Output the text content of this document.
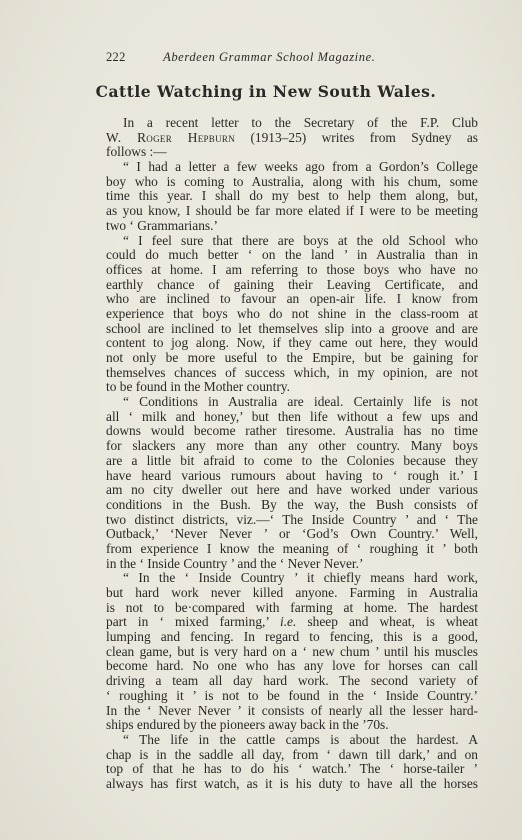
222	Aberdeen Grammar School Magazine.
Cattle Watching in New South Wales.
In a recent letter to the Secretary of the F.P. Club
W. Roger Hepburn (1913–25) writes from Sydney as
follows :—
“ I had a letter a few weeks ago from a Gordon’s College
boy who is coming to Australia, along with his chum, some
time this year. I shall do my best to help them along, but,
as you know, I should be far more elated if I were to be meeting
two ‘ Grammarians.’
“ I feel sure that there are boys at the old School who
could do much better ‘ on the land ’ in Australia than in
offices at home. I am referring to those boys who have no
earthly chance of gaining their Leaving Certificate, and
who are inclined to favour an open-air life. I know from
experience that boys who do not shine in the class-room at
school are inclined to let themselves slip into a groove and are
content to jog along. Now, if they came out here, they would
not only be more useful to the Empire, but be gaining for
themselves chances of success which, in my opinion, are not
to be found in the Mother country.
“ Conditions in Australia are ideal. Certainly life is not
all ‘ milk and honey,’ but then life without a few ups and
downs would become rather tiresome. Australia has no time
for slackers any more than any other country. Many boys
are a little bit afraid to come to the Colonies because they
have heard various rumours about having to ‘ rough it.’ I
am no city dweller out here and have worked under various
conditions in the Bush. By the way, the Bush consists of
two distinct districts, viz.—‘ The Inside Country ’ and ‘ The
Outback,’ ‘Never Never ’ or ‘God’s Own Country.’ Well,
from experience I know the meaning of ‘ roughing it ’ both
in the ‘ Inside Country ’ and the ‘ Never Never.’
“ In the ‘ Inside Country ’ it chiefly means hard work,
but hard work never killed anyone. Farming in Australia
is not to be·compared with farming at home. The hardest
part in ‘ mixed farming,’ i.e. sheep and wheat, is wheat
lumping and fencing. In regard to fencing, this is a good,
clean game, but is very hard on a ‘ new chum ’ until his muscles
become hard. No one who has any love for horses can call
driving a team all day hard work. The second variety of
‘ roughing it ’ is not to be found in the ‘ Inside Country.’
In the ‘ Never Never ’ it consists of nearly all the lesser hard-
ships endured by the pioneers away back in the ’70s.
“ The life in the cattle camps is about the hardest. A
chap is in the saddle all day, from ‘ dawn till dark,’ and on
top of that he has to do his ‘ watch.’ The ‘ horse-tailer ’
always has first watch, as it is his duty to have all the horses
